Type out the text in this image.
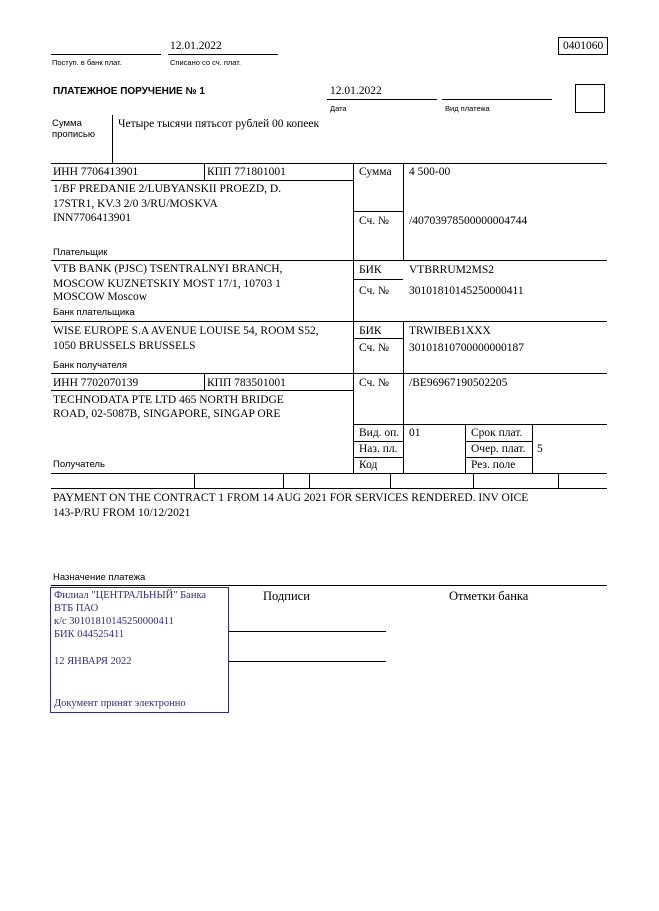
0401060
12.01.2022
Поступ. в банк плат.	Списано со сч. плат.
ПЛАТЕЖНОЕ ПОРУЧЕНИЕ № 1	12.01.2022
Дата	Вид платежа
Сумма
прописью
Четыре тысячи пятьсот рублей 00 копеек
ИНН 7706413901	КПП 771801001	Сумма 4 500-00
1/BF PREDANIE 2/LUBYANSKII PROEZD, D.
17STR1, KV.3 2/0 3/RU/MOSKVA
INN7706413901
Плательщик
Сч. № /40703978500000004744
VTB BANK (PJSC) TSENTRALNYI BRANCH,
MOSCOW KUZNETSKIY MOST 17/1, 10703 1
MOSCOW Moscow
Банк плательщика
БИК VTBRRUM2MS2
Сч. № 30101810145250000411
WISE EUROPE S.A AVENUE LOUISE 54, ROOM S52,
1050 BRUSSELS BRUSSELS
Банк получателя
БИК TRWIBEB1XXX
Сч. № 30101810700000000187
ИНН 7702070139	КПП 783501001	Сч. № /BE96967190502205
TECHNODATA PTE LTD 465 NORTH BRIDGE
ROAD, 02-5087B, SINGAPORE, SINGAP ORE
Получатель
Вид. оп. 01
Наз. пл.
Код
Срок плат.
Очер. плат. 5
Рез. поле
PAYMENT ON THE CONTRACT 1 FROM 14 AUG 2021 FOR SERVICES RENDERED. INV OICE
143-P/RU FROM 10/12/2021
Назначение платежа
Филиал "ЦЕНТРАЛЬНЫЙ" Банка
ВТБ ПАО
к/с 30101810145250000411
БИК 044525411
12 ЯНВАРЯ 2022
Документ принят электронно
Подписи	Отметки банка
